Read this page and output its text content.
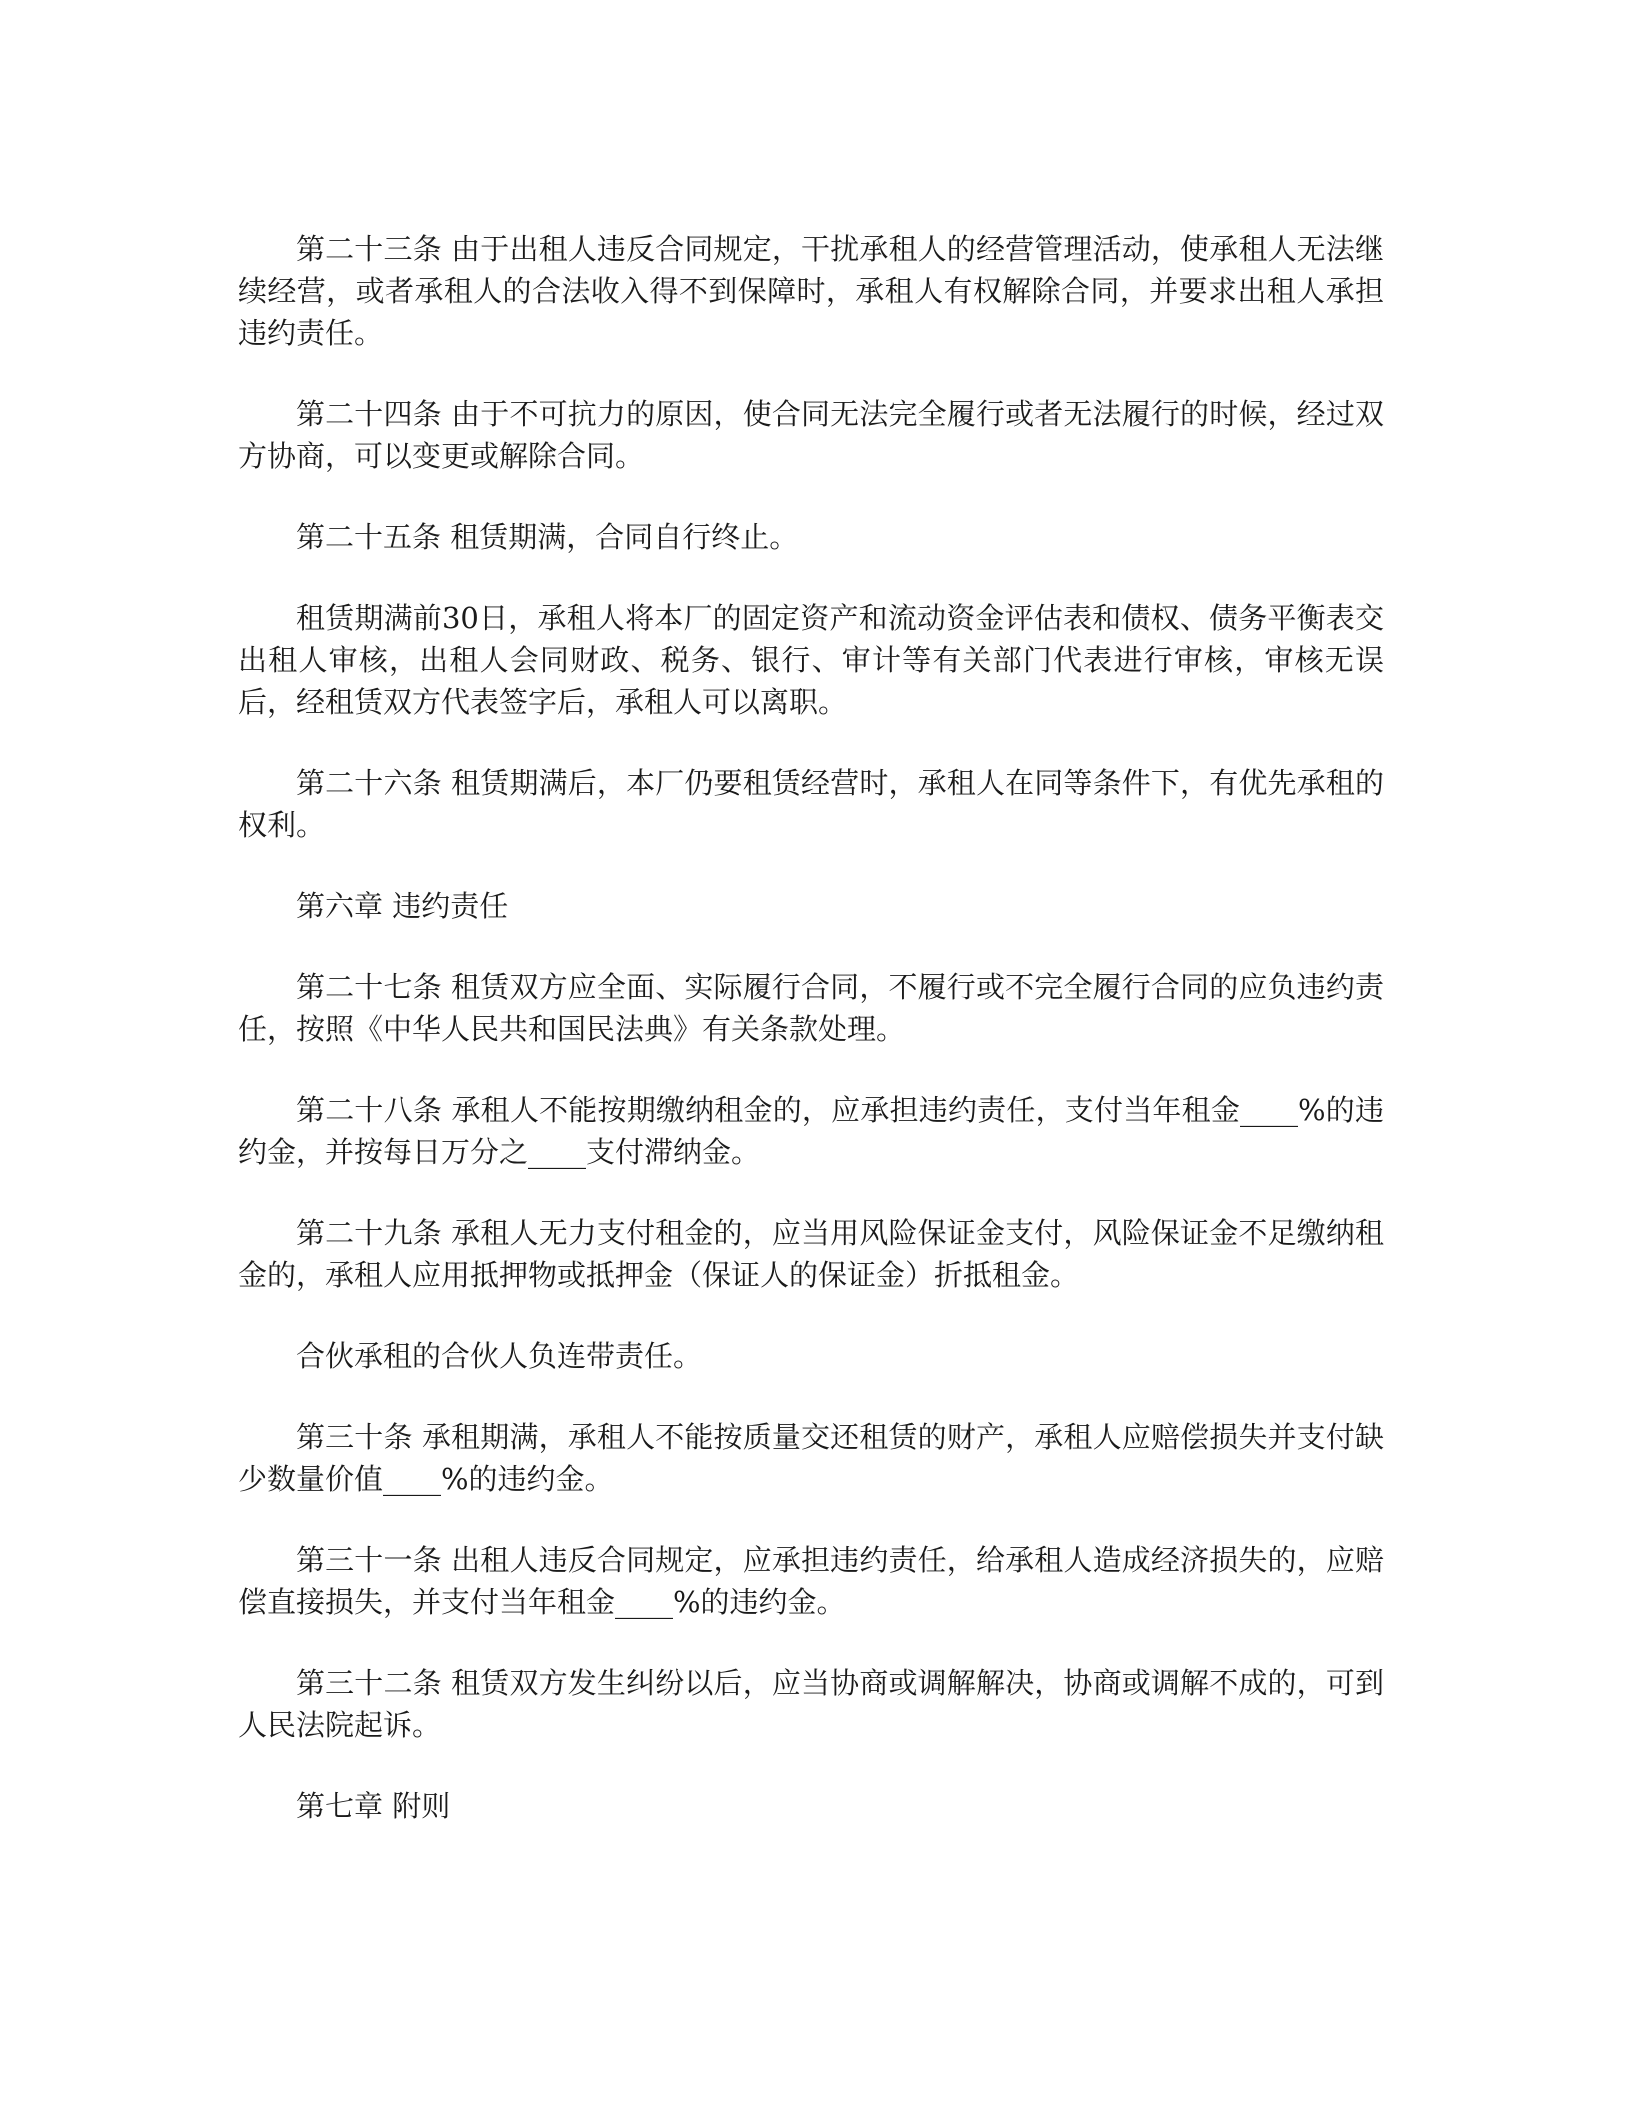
第二十三条 由于出租人违反合同规定，干扰承租人的经营管理活动，使承租人无法继续经营，或者承租人的合法收入得不到保障时，承租人有权解除合同，并要求出租人承担违约责任。

第二十四条 由于不可抗力的原因，使合同无法完全履行或者无法履行的时候，经过双方协商，可以变更或解除合同。

第二十五条 租赁期满，合同自行终止。

租赁期满前30日，承租人将本厂的固定资产和流动资金评估表和债权、债务平衡表交出租人审核，出租人会同财政、税务、银行、审计等有关部门代表进行审核，审核无误后，经租赁双方代表签字后，承租人可以离职。

第二十六条 租赁期满后，本厂仍要租赁经营时，承租人在同等条件下，有优先承租的权利。

第六章 违约责任

第二十七条 租赁双方应全面、实际履行合同，不履行或不完全履行合同的应负违约责任，按照《中华人民共和国民法典》有关条款处理。

第二十八条 承租人不能按期缴纳租金的，应承担违约责任，支付当年租金____%的违约金，并按每日万分之____支付滞纳金。

第二十九条 承租人无力支付租金的，应当用风险保证金支付，风险保证金不足缴纳租金的，承租人应用抵押物或抵押金（保证人的保证金）折抵租金。

合伙承租的合伙人负连带责任。

第三十条 承租期满，承租人不能按质量交还租赁的财产，承租人应赔偿损失并支付缺少数量价值____%的违约金。

第三十一条 出租人违反合同规定，应承担违约责任，给承租人造成经济损失的，应赔偿直接损失，并支付当年租金____%的违约金。

第三十二条 租赁双方发生纠纷以后，应当协商或调解解决，协商或调解不成的，可到人民法院起诉。

第七章 附则
